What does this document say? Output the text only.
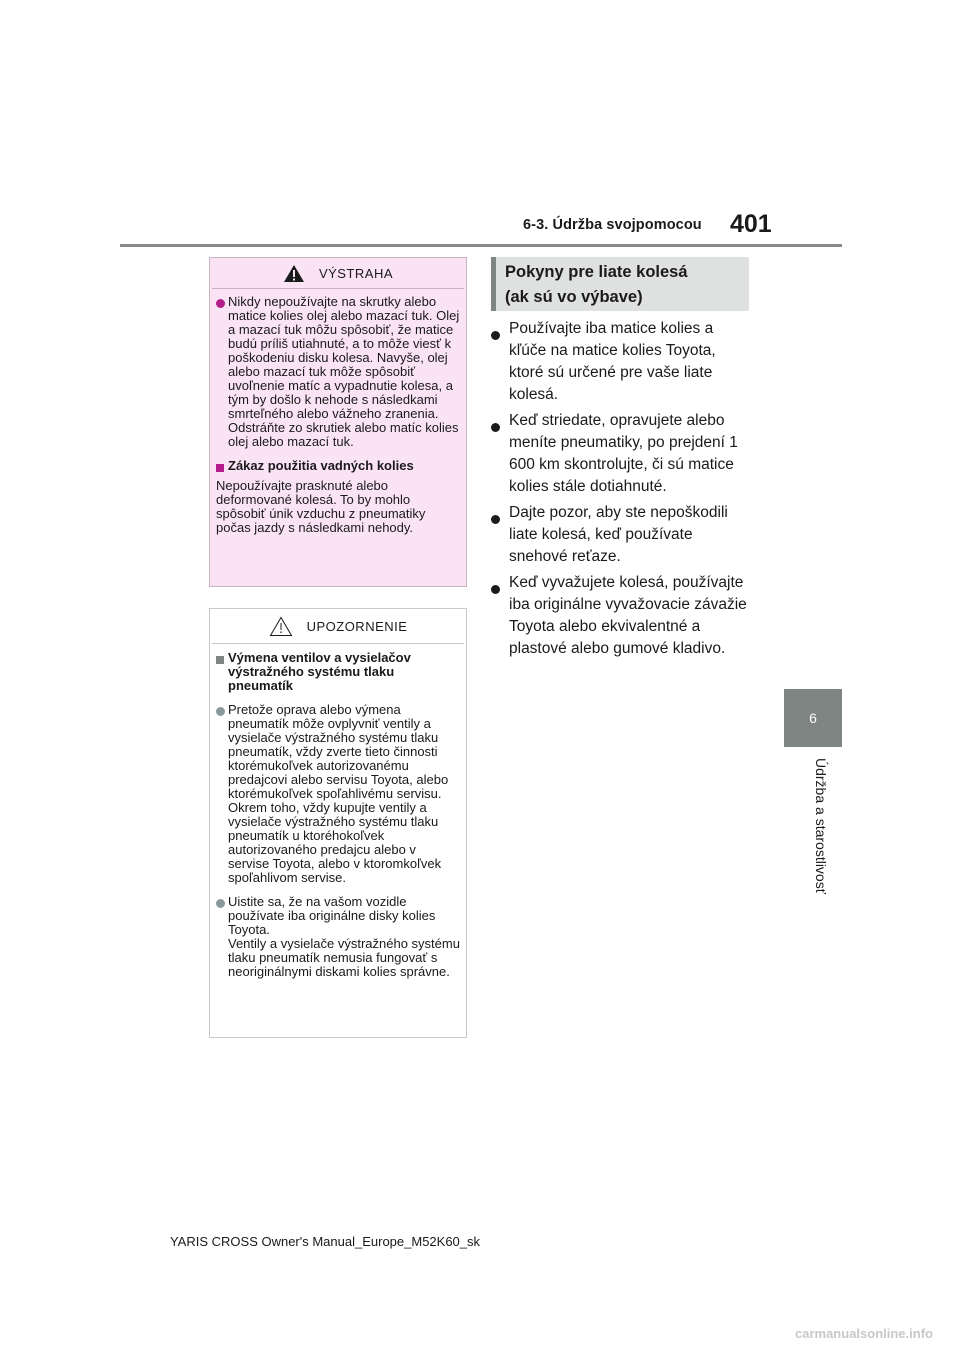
6-3. Údržba svojpomocou 401
6
Údržba a starostlivosť
VÝSTRAHA
Nikdy nepoužívajte na skrutky alebo matice kolies olej alebo mazací tuk. Olej a mazací tuk môžu spôsobiť, že matice budú príliš utiahnuté, a to môže viesť k poškodeniu disku kolesa. Navyše, olej alebo mazací tuk môže spôsobiť uvoľnenie matíc a vypadnutie kolesa, a tým by došlo k nehode s následkami smrteľného alebo vážneho zranenia. Odstráňte zo skrutiek alebo matíc kolies olej alebo mazací tuk.
Zákaz použitia vadných kolies
Nepoužívajte prasknuté alebo deformované kolesá. To by mohlo spôsobiť únik vzduchu z pneumatiky počas jazdy s následkami nehody.
UPOZORNENIE
Výmena ventilov a vysielačov výstražného systému tlaku pneumatík
Pretože oprava alebo výmena pneumatík môže ovplyvniť ventily a vysielače výstražného systému tlaku pneumatík, vždy zverte tieto činnosti ktorémukoľvek autorizovanému predajcovi alebo servisu Toyota, alebo ktorémukoľvek spoľahlivému servisu. Okrem toho, vždy kupujte ventily a vysielače výstražného systému tlaku pneumatík u ktoréhokoľvek autorizovaného predajcu alebo v servise Toyota, alebo v ktoromkoľvek spoľahlivom servise.
Uistite sa, že na vašom vozidle používate iba originálne disky kolies Toyota.
Ventily a vysielače výstražného systému tlaku pneumatík nemusia fungovať s neoriginálnymi diskami kolies správne.
Pokyny pre liate kolesá
(ak sú vo výbave)
Používajte iba matice kolies a kľúče na matice kolies Toyota, ktoré sú určené pre vaše liate kolesá.
Keď striedate, opravujete alebo meníte pneumatiky, po prejdení 1 600 km skontrolujte, či sú matice kolies stále dotiahnuté.
Dajte pozor, aby ste nepoškodili liate kolesá, keď používate snehové reťaze.
Keď vyvažujete kolesá, používajte iba originálne vyvažovacie závažie Toyota alebo ekvivalentné a plastové alebo gumové kladivo.
YARIS CROSS Owner's Manual_Europe_M52K60_sk
carmanualsonline.info
